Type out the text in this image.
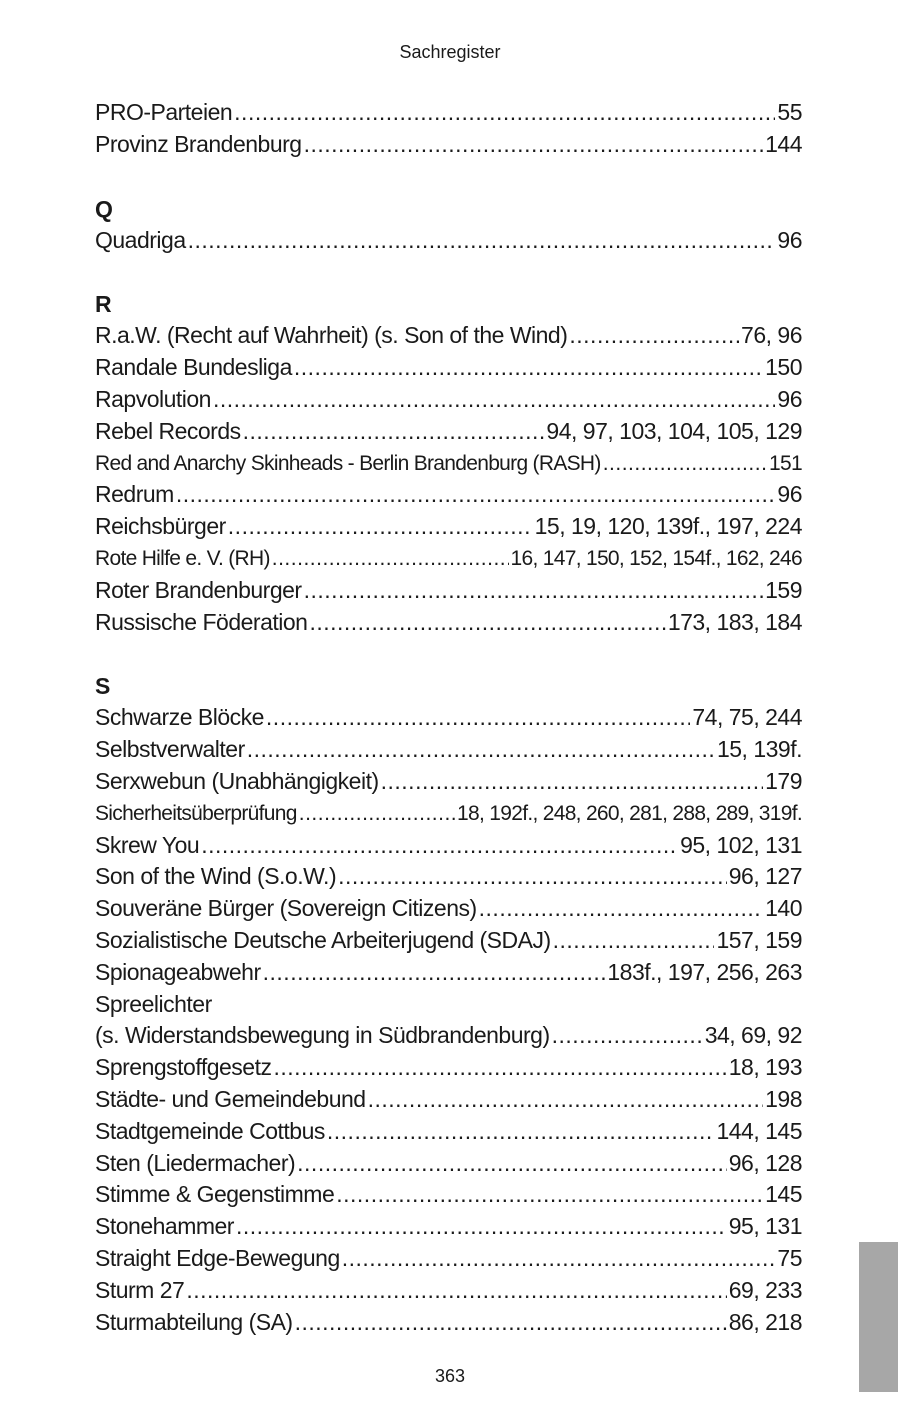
Sachregister
PRO-Parteien .....	55
Provinz Brandenburg .....	144
Q
Quadriga .....	96
R
R.a.W. (Recht auf Wahrheit) (s. Son of the Wind) .....	76, 96
Randale Bundesliga .....	150
Rapvolution .....	96
Rebel Records .....	94, 97, 103, 104, 105, 129
Red and Anarchy Skinheads - Berlin Brandenburg (RASH) .....	151
Redrum .....	96
Reichsbürger .....	15, 19, 120, 139f., 197, 224
Rote Hilfe e. V. (RH) .....	16, 147, 150, 152, 154f., 162, 246
Roter Brandenburger .....	159
Russische Föderation .....	173, 183, 184
S
Schwarze Blöcke .....	74, 75, 244
Selbstverwalter .....	15, 139f.
Serxwebun (Unabhängigkeit) .....	179
Sicherheitsüberprüfung .....	18, 192f., 248, 260, 281, 288, 289, 319f.
Skrew You .....	95, 102, 131
Son of the Wind (S.o.W.) .....	96, 127
Souveräne Bürger (Sovereign Citizens) .....	140
Sozialistische Deutsche Arbeiterjugend (SDAJ) .....	157, 159
Spionageabwehr .....	183f., 197, 256, 263
Spreelichter
(s. Widerstandsbewegung in Südbrandenburg) .....	34, 69, 92
Sprengstoffgesetz .....	18, 193
Städte- und Gemeindebund .....	198
Stadtgemeinde Cottbus .....	144, 145
Sten (Liedermacher) .....	96, 128
Stimme & Gegenstimme .....	145
Stonehammer .....	95, 131
Straight Edge-Bewegung .....	75
Sturm 27 .....	69, 233
Sturmabteilung (SA) .....	86, 218
363
